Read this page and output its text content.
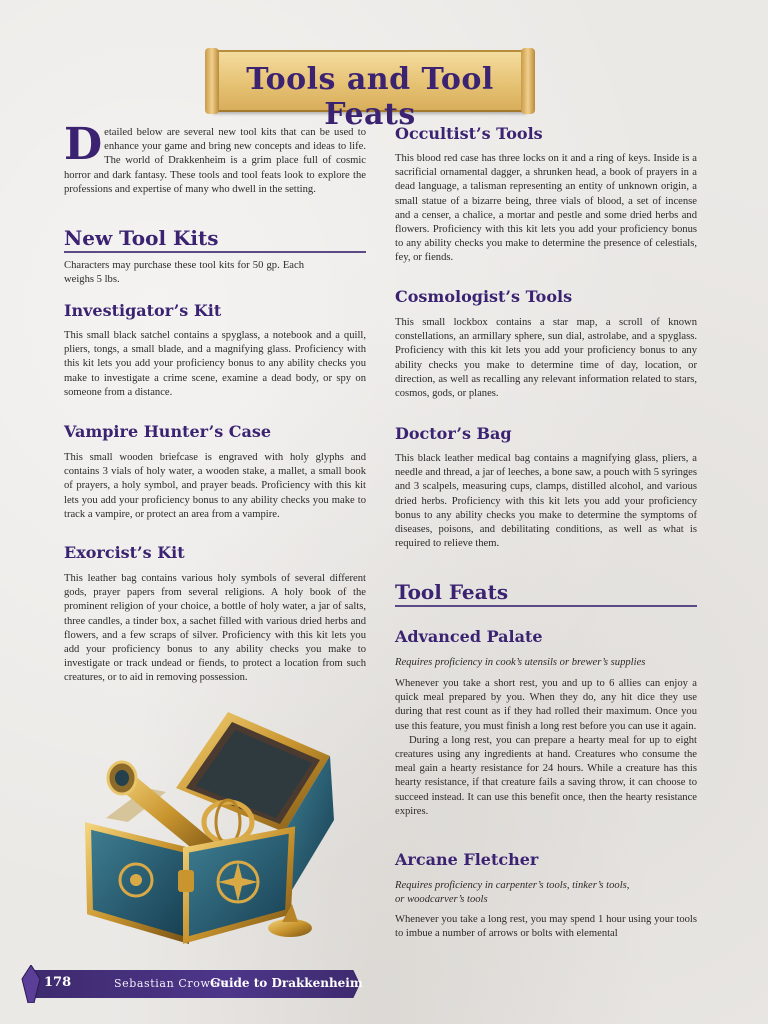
Tools and Tool Feats

Detailed below are several new tool kits that can be used to enhance your game and bring new concepts and ideas to life. The world of Drakkenheim is a grim place full of cosmic horror and dark fantasy. These tools and tool feats look to explore the professions and expertise of many who dwell in the setting.

New Tool Kits

Characters may purchase these tool kits for 50 gp. Each weighs 5 lbs.

Investigator’s Kit

This small black satchel contains a spyglass, a notebook and a quill, pliers, tongs, a small blade, and a magnifying glass. Proficiency with this kit lets you add your proficiency bonus to any ability checks you make to investigate a crime scene, examine a dead body, or spy on someone from a distance.

Vampire Hunter’s Case

This small wooden briefcase is engraved with holy glyphs and contains 3 vials of holy water, a wooden stake, a mallet, a small book of prayers, a holy symbol, and prayer beads. Proficiency with this kit lets you add your proficiency bonus to any ability checks you make to track a vampire, or protect an area from a vampire.

Exorcist’s Kit

This leather bag contains various holy symbols of several different gods, prayer papers from several religions. A holy book of the prominent religion of your choice, a bottle of holy water, a jar of salts, three candles, a tinder box, a sachet filled with various dried herbs and flowers, and a few scraps of silver. Proficiency with this kit lets you add your proficiency bonus to any ability checks you make to investigate or track undead or fiends, to protect a location from such creatures, or to aid in removing possession.

Occultist’s Tools

This blood red case has three locks on it and a ring of keys. Inside is a sacrificial ornamental dagger, a shrunken head, a book of prayers in a dead language, a talisman representing an entity of unknown origin, a small statue of a bizarre being, three vials of blood, a set of incense and a censer, a chalice, a mortar and pestle and some dried herbs and flowers. Proficiency with this kit lets you add your proficiency bonus to any ability checks you make to determine the presence of celestials, fey, or fiends.

Cosmologist’s Tools

This small lockbox contains a star map, a scroll of known constellations, an armillary sphere, sun dial, astrolabe, and a spyglass. Proficiency with this kit lets you add your proficiency bonus to any ability checks you make to determine time of day, location, or direction, as well as recalling any relevant information related to stars, cosmos, gods, or planes.

Doctor’s Bag

This black leather medical bag contains a magnifying glass, pliers, a needle and thread, a jar of leeches, a bone saw, a pouch with 5 syringes and 3 scalpels, measuring cups, clamps, distilled alcohol, and various dried herbs. Proficiency with this kit lets you add your proficiency bonus to any ability checks you make to determine the symptoms of diseases, poisons, and debilitating conditions, as well as what is required to relieve them.

Tool Feats
Advanced Palate
Requires proficiency in cook’s utensils or brewer’s supplies

Whenever you take a short rest, you and up to 6 allies can enjoy a quick meal prepared by you. When they do, any hit dice they use during that rest count as if they had rolled their maximum. Once you use this feature, you must finish a long rest before you can use it again.

During a long rest, you can prepare a hearty meal for up to eight creatures using any ingredients at hand. Creatures who consume the meal gain a hearty resistance for 24 hours. While a creature has this hearty resistance, if that creature fails a saving throw, it can choose to succeed instead. It can use this benefit once, then the hearty resistance expires.

Arcane Fletcher
Requires proficiency in carpenter’s tools, tinker’s tools,
or woodcarver’s tools

Whenever you take a long rest, you may spend 1 hour using your tools to imbue a number of arrows or bolts with elemental

178	Sebastian Crowe’s
Guide to Drakkenheim
